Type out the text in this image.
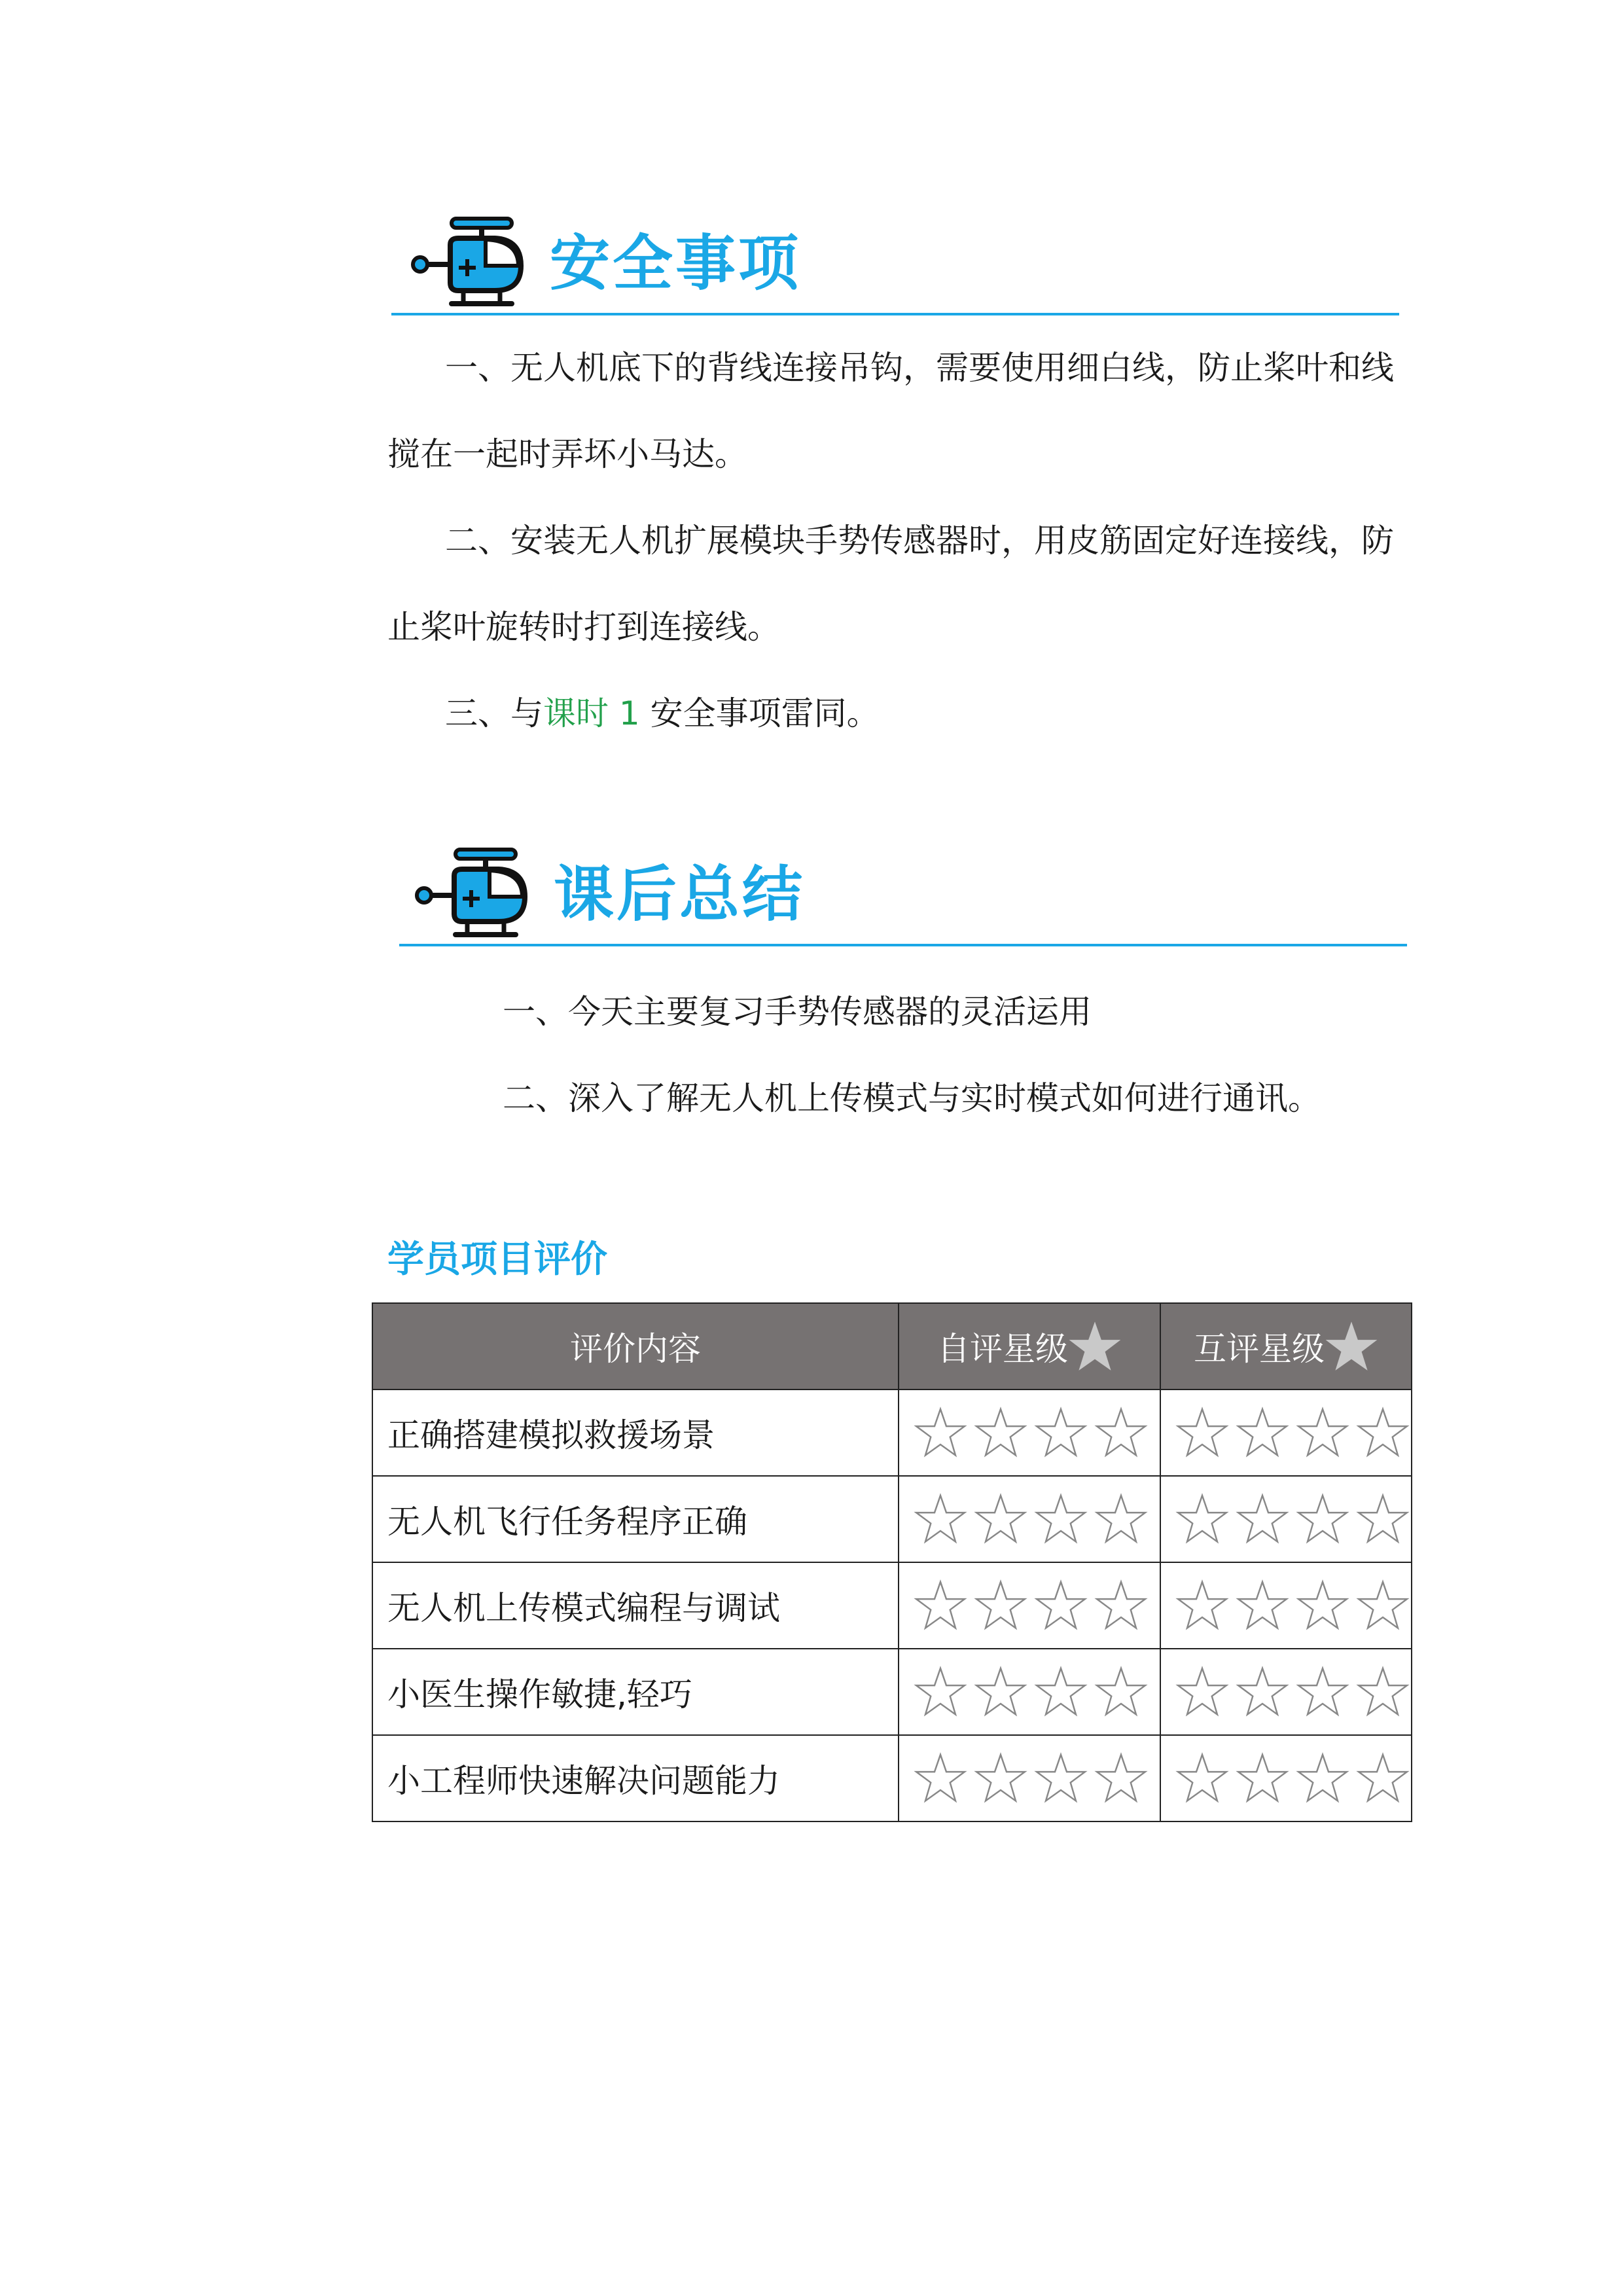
安全事项

一、无人机底下的背线连接吊钩，需要使用细白线，防止桨叶和线
搅在一起时弄坏小马达。

二、安装无人机扩展模块手势传感器时，用皮筋固定好连接线，防
止桨叶旋转时打到连接线。

三、与课时 1 安全事项雷同。

课后总结

一、今天主要复习手势传感器的灵活运用

二、深入了解无人机上传模式与实时模式如何进行通讯。

学员项目评价
评价内容	自评星级	互评星级

正确搭建模拟救援场景	

无人机飞行任务程序正确	

无人机上传模式编程与调试	

小医生操作敏捷,轻巧	

小工程师快速解决问题能力	
